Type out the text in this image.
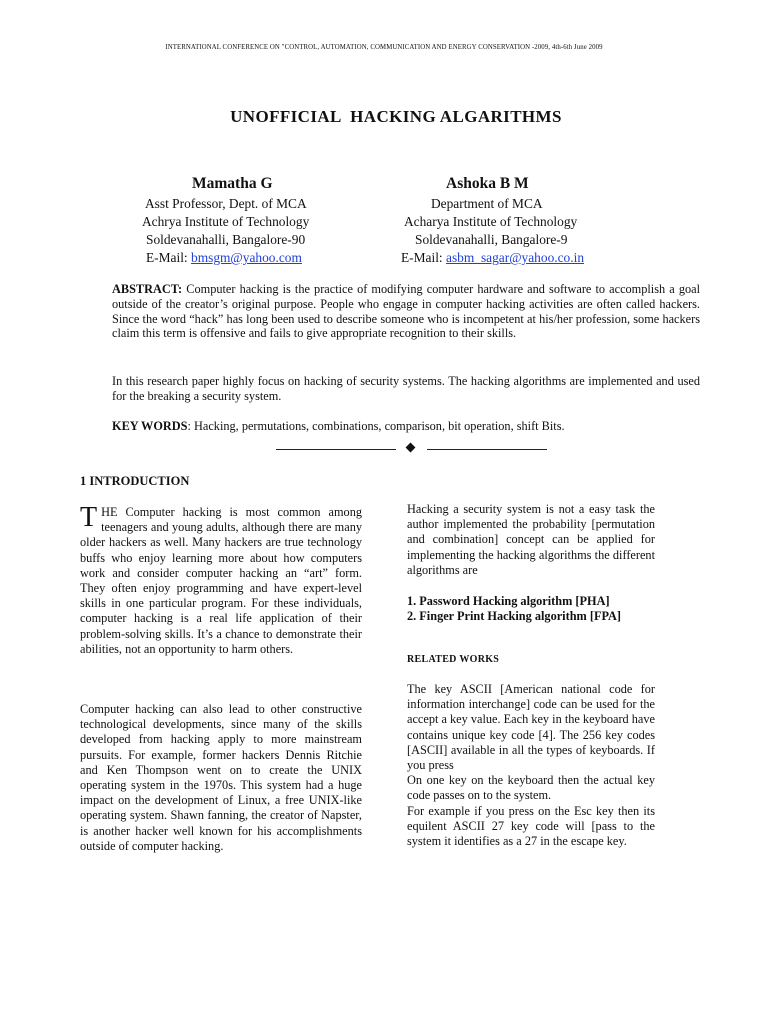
INTERNATIONAL CONFERENCE ON "CONTROL, AUTOMATION, COMMUNICATION AND ENERGY CONSERVATION -2009, 4th-6th June 2009
UNOFFICIAL  HACKING ALGARITHMS
Mamatha G
Asst Professor, Dept. of MCA
Achrya Institute of Technology
Soldevanahalli, Bangalore-90
E-Mail: bmsgm@yahoo.com
Ashoka B M
Department of MCA
Acharya Institute of Technology
Soldevanahalli, Bangalore-9
E-Mail: asbm_sagar@yahoo.co.in
ABSTRACT: Computer hacking is the practice of modifying computer hardware and software to accomplish a goal outside of the creator’s original purpose. People who engage in computer hacking activities are often called hackers. Since the word “hack” has long been used to describe someone who is incompetent at his/her profession, some hackers claim this term is offensive and fails to give appropriate recognition to their skills.
In this research paper highly focus on hacking of security systems. The hacking algorithms are implemented and used for the breaking a security system.
KEY WORDS: Hacking, permutations, combinations, comparison, bit operation, shift Bits.
1 INTRODUCTION
THE Computer hacking is most common among teenagers and young adults, although there are many older hackers as well. Many hackers are true technology buffs who enjoy learning more about how computers work and consider computer hacking an “art” form. They often enjoy programming and have expert-level skills in one particular program. For these individuals, computer hacking is a real life application of their problem-solving skills. It’s a chance to demonstrate their abilities, not an opportunity to harm others.
Computer hacking can also lead to other constructive technological developments, since many of the skills developed from hacking apply to more mainstream pursuits. For example, former hackers Dennis Ritchie and Ken Thompson went on to create the UNIX operating system in the 1970s. This system had a huge impact on the development of Linux, a free UNIX-like operating system. Shawn fanning, the creator of Napster, is another hacker well known for his accomplishments outside of computer hacking.
Hacking a security system is not a easy task the author implemented the probability [permutation and combination] concept can be applied for implementing the hacking algorithms the different algorithms are
1. Password Hacking algorithm [PHA]
2. Finger Print Hacking algorithm [FPA]
RELATED WORKS

The key ASCII [American national code for information interchange] code can be used for the accept a key value. Each key in the keyboard have contains unique key code [4]. The 256 key codes [ASCII] available in all the types of keyboards. If you press

On one key on the keyboard then the actual key code passes on to the system.

For example if you press on the Esc key then its equilent ASCII 27 key code will [pass to the system it identifies as a 27 in the escape key.
